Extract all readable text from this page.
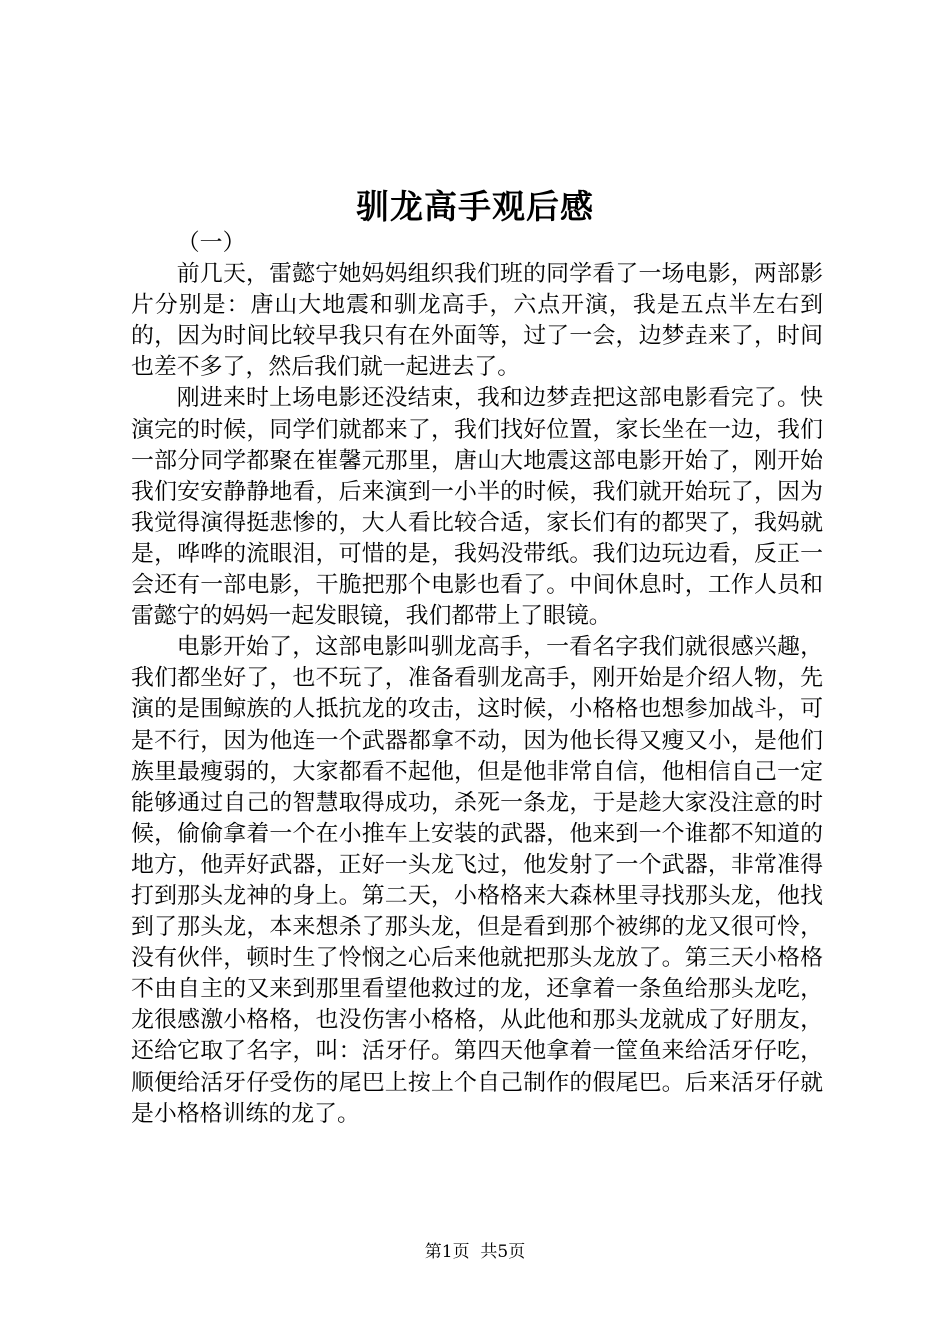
驯龙高手观后感

（一）

前几天，雷懿宁她妈妈组织我们班的同学看了一场电影，两部影片分别是：唐山大地震和驯龙高手，六点开演，我是五点半左右到的，因为时间比较早我只有在外面等，过了一会，边梦垚来了，时间也差不多了，然后我们就一起进去了。

刚进来时上场电影还没结束，我和边梦垚把这部电影看完了。快演完的时候，同学们就都来了，我们找好位置，家长坐在一边，我们一部分同学都聚在崔馨元那里，唐山大地震这部电影开始了，刚开始我们安安静静地看，后来演到一小半的时候，我们就开始玩了，因为我觉得演得挺悲惨的，大人看比较合适，家长们有的都哭了，我妈就是，哗哗的流眼泪，可惜的是，我妈没带纸。我们边玩边看，反正一会还有一部电影，干脆把那个电影也看了。中间休息时，工作人员和雷懿宁的妈妈一起发眼镜，我们都带上了眼镜。

电影开始了，这部电影叫驯龙高手，一看名字我们就很感兴趣，我们都坐好了，也不玩了，准备看驯龙高手，刚开始是介绍人物，先演的是围鲸族的人抵抗龙的攻击，这时候，小格格也想参加战斗，可是不行，因为他连一个武器都拿不动，因为他长得又瘦又小，是他们族里最瘦弱的，大家都看不起他，但是他非常自信，他相信自己一定能够通过自己的智慧取得成功，杀死一条龙，于是趁大家没注意的时候，偷偷拿着一个在小推车上安装的武器，他来到一个谁都不知道的地方，他弄好武器，正好一头龙飞过，他发射了一个武器，非常准得打到那头龙神的身上。第二天，小格格来大森林里寻找那头龙，他找到了那头龙，本来想杀了那头龙，但是看到那个被绑的龙又很可怜，没有伙伴，顿时生了怜悯之心后来他就把那头龙放了。第三天小格格不由自主的又来到那里看望他救过的龙，还拿着一条鱼给那头龙吃，龙很感激小格格，也没伤害小格格，从此他和那头龙就成了好朋友，还给它取了名字，叫：活牙仔。第四天他拿着一筐鱼来给活牙仔吃，顺便给活牙仔受伤的尾巴上按上个自己制作的假尾巴。后来活牙仔就是小格格训练的龙了。

第1页  共5页
